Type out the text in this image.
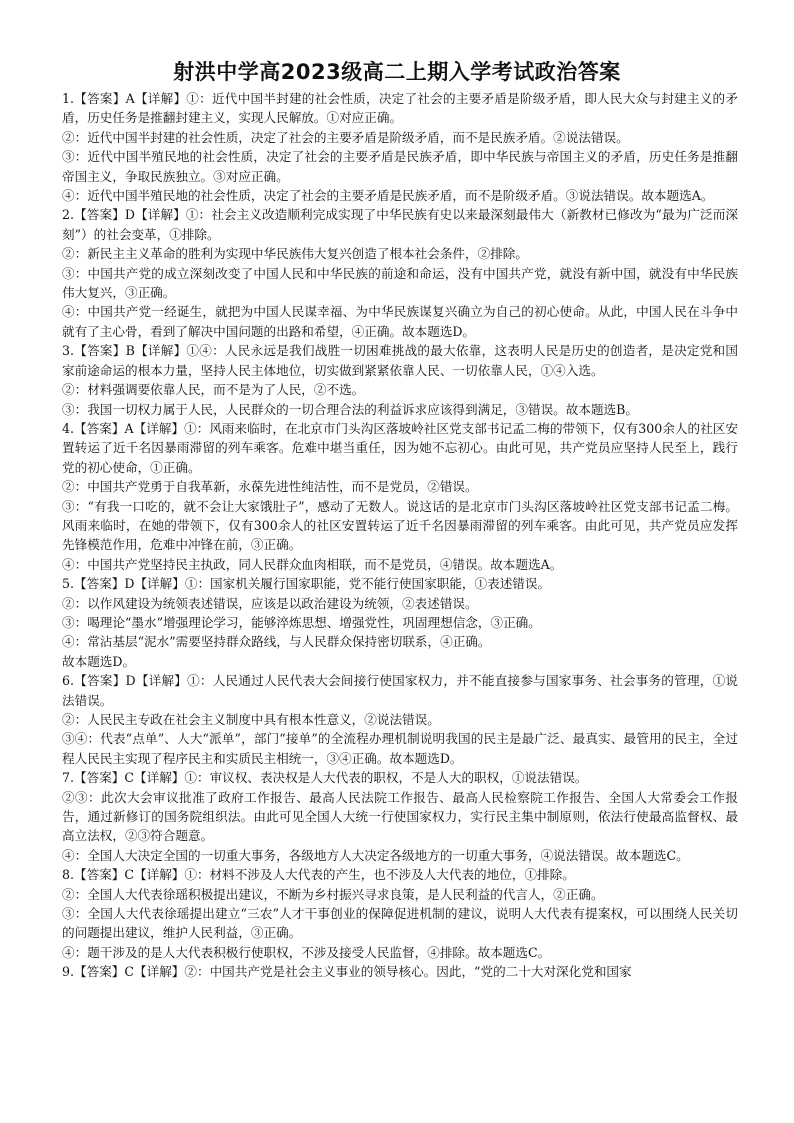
射洪中学高2023级高二上期入学考试政治答案

1.【答案】A【详解】①：近代中国半封建的社会性质，决定了社会的主要矛盾是阶级矛盾，即人民大众与封建主义的矛盾，历史任务是推翻封建主义，实现人民解放。①对应正确。

②：近代中国半封建的社会性质，决定了社会的主要矛盾是阶级矛盾，而不是民族矛盾。②说法错误。

③：近代中国半殖民地的社会性质，决定了社会的主要矛盾是民族矛盾，即中华民族与帝国主义的矛盾，历史任务是推翻帝国主义，争取民族独立。③对应正确。

④：近代中国半殖民地的社会性质，决定了社会的主要矛盾是民族矛盾，而不是阶级矛盾。③说法错误。故本题选A。

2.【答案】D【详解】①：社会主义改造顺利完成实现了中华民族有史以来最深刻最伟大（新教材已修改为“最为广泛而深刻”）的社会变革，①排除。

②：新民主主义革命的胜利为实现中华民族伟大复兴创造了根本社会条件，②排除。

③：中国共产党的成立深刻改变了中国人民和中华民族的前途和命运，没有中国共产党，就没有新中国，就没有中华民族伟大复兴，③正确。

④：中国共产党一经诞生，就把为中国人民谋幸福、为中华民族谋复兴确立为自己的初心使命。从此，中国人民在斗争中就有了主心骨，看到了解决中国问题的出路和希望，④正确。故本题选D。

3.【答案】B【详解】①④：人民永远是我们战胜一切困难挑战的最大依靠，这表明人民是历史的创造者，是决定党和国家前途命运的根本力量，坚持人民主体地位，切实做到紧紧依靠人民、一切依靠人民，①④入选。

②：材料强调要依靠人民，而不是为了人民，②不选。

③：我国一切权力属于人民，人民群众的一切合理合法的利益诉求应该得到满足，③错误。故本题选B。

4.【答案】A【详解】①：风雨来临时，在北京市门头沟区落坡岭社区党支部书记孟二梅的带领下，仅有300余人的社区安置转运了近千名因暴雨滞留的列车乘客。危难中堪当重任，因为她不忘初心。由此可见，共产党员应坚持人民至上，践行党的初心使命，①正确。

②：中国共产党勇于自我革新，永葆先进性纯洁性，而不是党员，②错误。

③：“有我一口吃的，就不会让大家饿肚子”，感动了无数人。说这话的是北京市门头沟区落坡岭社区党支部书记孟二梅。风雨来临时，在她的带领下，仅有300余人的社区安置转运了近千名因暴雨滞留的列车乘客。由此可见，共产党员应发挥先锋模范作用，危难中冲锋在前，③正确。

④：中国共产党坚持民主执政，同人民群众血肉相联，而不是党员，④错误。故本题选A。

5.【答案】D【详解】①：国家机关履行国家职能，党不能行使国家职能，①表述错误。

②：以作风建设为统领表述错误，应该是以政治建设为统领，②表述错误。

③：喝理论“墨水”增强理论学习，能够淬炼思想、增强党性，巩固理想信念，③正确。

④：常沾基层“泥水”需要坚持群众路线，与人民群众保持密切联系，④正确。

故本题选D。

6.【答案】D【详解】①：人民通过人民代表大会间接行使国家权力，并不能直接参与国家事务、社会事务的管理，①说法错误。

②：人民民主专政在社会主义制度中具有根本性意义，②说法错误。

③④：代表“点单”、人大“派单”，部门“接单”的全流程办理机制说明我国的民主是最广泛、最真实、最管用的民主，全过程人民民主实现了程序民主和实质民主相统一，③④正确。故本题选D。

7.【答案】C【详解】①：审议权、表决权是人大代表的职权，不是人大的职权，①说法错误。

②③：此次大会审议批准了政府工作报告、最高人民法院工作报告、最高人民检察院工作报告、全国人大常委会工作报告，通过新修订的国务院组织法。由此可见全国人大统一行使国家权力，实行民主集中制原则，依法行使最高监督权、最高立法权，②③符合题意。

④：全国人大决定全国的一切重大事务，各级地方人大决定各级地方的一切重大事务，④说法错误。故本题选C。

8.【答案】C【详解】①：材料不涉及人大代表的产生，也不涉及人大代表的地位，①排除。

②：全国人大代表徐瑶积极提出建议，不断为乡村振兴寻求良策，是人民利益的代言人，②正确。

③：全国人大代表徐瑶提出建立“三农”人才干事创业的保障促进机制的建议，说明人大代表有提案权，可以围绕人民关切的问题提出建议，维护人民利益，③正确。

④：题干涉及的是人大代表积极行使职权，不涉及接受人民监督，④排除。故本题选C。

9.【答案】C【详解】②：中国共产党是社会主义事业的领导核心。因此，“党的二十大对深化党和国家
